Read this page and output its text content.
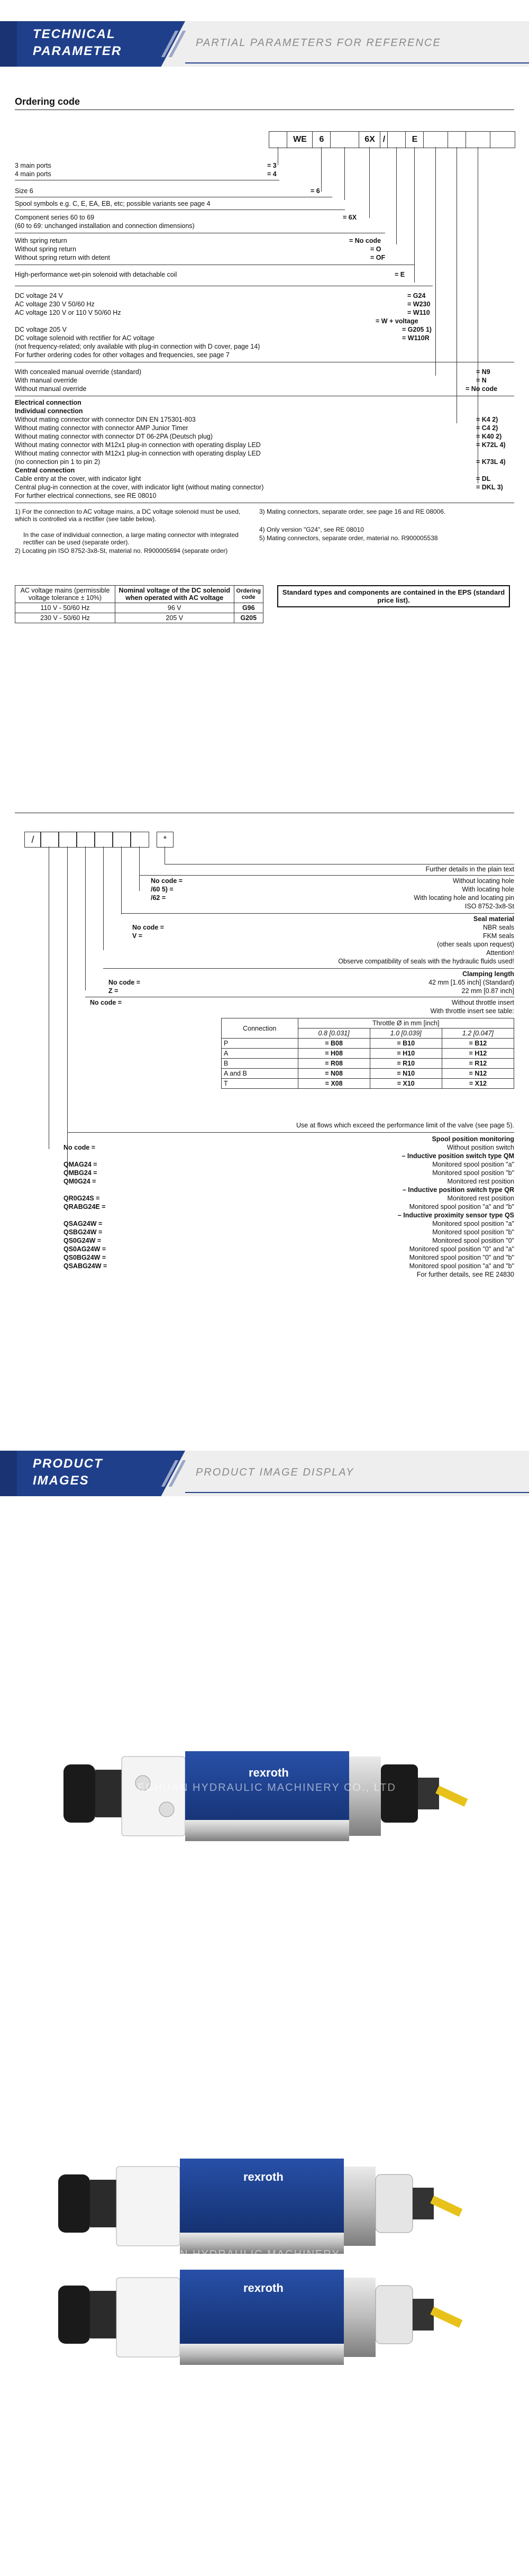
TECHNICAL
PARAMETER
PARTIAL PARAMETERS FOR REFERENCE
Ordering code
WE	6	6X /	E
3 main ports	= 3
4 main ports	= 4
Size 6	= 6
Spool symbols e.g. C, E, EA, EB, etc; possible variants see page 4
Component series 60 to 69	= 6X
(60 to 69: unchanged installation and connection dimensions)
With spring return	= No code
Without spring return	= O
Without spring return with detent	= OF
High-performance wet-pin solenoid with detachable coil	= E
DC voltage 24 V	= G24
AC voltage 230 V 50/60 Hz	= W230
AC voltage 120 V or 110 V 50/60 Hz	= W110
= W + voltage
DC voltage 205 V	= G205 1)
DC voltage solenoid with rectifier for AC voltage	= W110R
(not frequency-related; only available with plug-in connection with D cover, page 14)
For further ordering codes for other voltages and frequencies, see page 7
With concealed manual override (standard)	= N9
With manual override	= N
Without manual override	= No code
Electrical connection
Individual connection
Without mating connector with connector DIN EN 175301-803	= K4 2)
Without mating connector with connector AMP Junior Timer	= C4 2)
Without mating connector with connector DT 06-2PA (Deutsch plug)	= K40 2)
Without mating connector with M12x1 plug-in connection with operating display LED	= K72L 4)
Without mating connector with M12x1 plug-in connection with operating display LED
(no connection pin 1 to pin 2)	= K73L 4)
Central connection
Cable entry at the cover, with indicator light	= DL
Central plug-in connection at the cover, with indicator light (without mating connector)	= DKL 3)
For further electrical connections, see RE 08010
1) For the connection to AC voltage mains, a DC voltage solenoid must be used, which is controlled via a rectifier (see table below).
In the case of individual connection, a large mating connector with integrated rectifier can be used (separate order).
2) Locating pin ISO 8752-3x8-St, material no. R900005694 (separate order)
3) Mating connectors, separate order, see page 16 and RE 08006.
4) Only version "G24", see RE 08010
5) Mating connectors, separate order, material no. R900005538
AC voltage mains (permissible voltage tolerance ± 10%)	Nominal voltage of the DC solenoid when operated with AC voltage	Ordering code
110 V - 50/60 Hz	96 V	G96
230 V - 50/60 Hz	205 V	G205
Standard types and components are contained in the EPS (standard price list).
/	*
Further details in the plain text
No code =	Without locating hole
/60 5) =	With locating hole
/62 =	With locating hole and locating pin
ISO 8752-3x8-St
Seal material
No code =	NBR seals
V =	FKM seals
(other seals upon request)
Attention!
Observe compatibility of seals with the hydraulic fluids used!
Clamping length
No code =	42 mm [1.65 inch] (Standard)
Z =	22 mm [0.87 inch]
No code =	Without throttle insert
With throttle insert see table:
Connection	Throttle Ø in mm [inch]		
	0.8 [0.031]	1.0 [0.039]	1.2 [0.047]
P	= B08	= B10	= B12
A	= H08	= H10	= H12
B	= R08	= R10	= R12
A and B	= N08	= N10	= N12
T	= X08	= X10	= X12
Use at flows which exceed the performance limit of the valve (see page 5).
Spool position monitoring
No code =	Without position switch
– Inductive position switch type QM
QMAG24 =	Monitored spool position "a"
QMBG24 =	Monitored spool position "b"
QM0G24 =	Monitored rest position
– Inductive position switch type QR
QR0G24S =	Monitored rest position
QRABG24E =	Monitored spool position "a" and "b"
– Inductive proximity sensor type QS
QSAG24W =	Monitored spool position "a"
QSBG24W =	Monitored spool position "b"
QS0G24W =	Monitored spool position "0"
QS0AG24W =	Monitored spool position "0" and "a"
QS0BG24W =	Monitored spool position "0" and "b"
QSABG24W =	Monitored spool position "a" and "b"
For further details, see RE 24830
PRODUCT
IMAGES
PRODUCT IMAGE DISPLAY
rexroth
ECHUAN HYDRAULIC MACHINERY CO., LTD
rexroth
rexroth
ECHUAN HYDRAULIC MACHINERY CO., LTD
